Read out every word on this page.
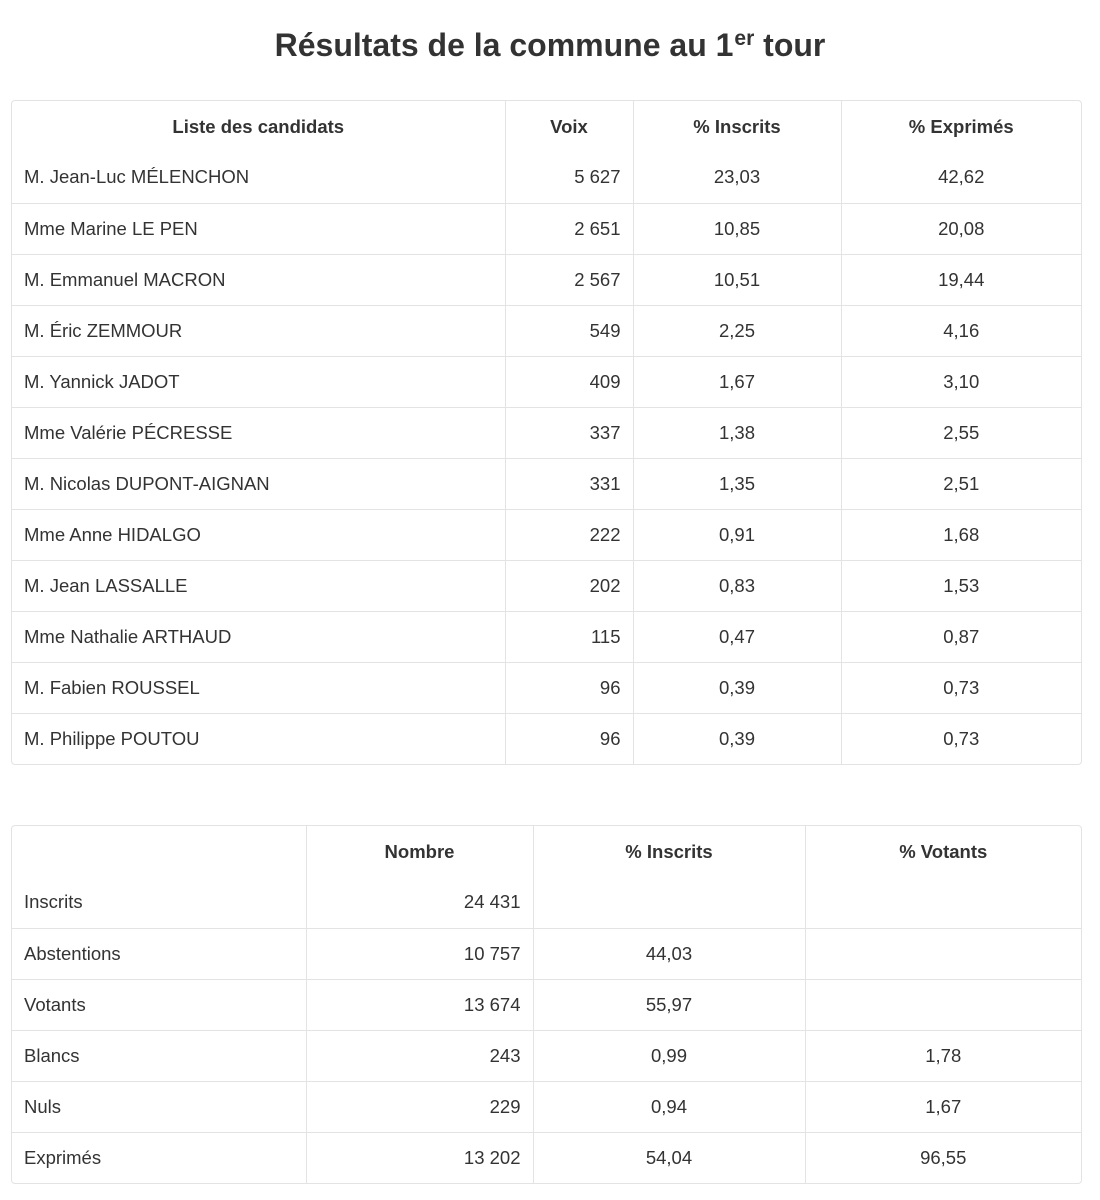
Résultats de la commune au 1er tour
Liste des candidats	Voix	% Inscrits	% Exprimés
M. Jean-Luc MÉLENCHON	5 627	23,03	42,62
Mme Marine LE PEN	2 651	10,85	20,08
M. Emmanuel MACRON	2 567	10,51	19,44
M. Éric ZEMMOUR	549	2,25	4,16
M. Yannick JADOT	409	1,67	3,10
Mme Valérie PÉCRESSE	337	1,38	2,55
M. Nicolas DUPONT-AIGNAN	331	1,35	2,51
Mme Anne HIDALGO	222	0,91	1,68
M. Jean LASSALLE	202	0,83	1,53
Mme Nathalie ARTHAUD	115	0,47	0,87
M. Fabien ROUSSEL	96	0,39	0,73
M. Philippe POUTOU	96	0,39	0,73
	Nombre	% Inscrits	% Votants
Inscrits	24 431		
Abstentions	10 757	44,03	
Votants	13 674	55,97	
Blancs	243	0,99	1,78
Nuls	229	0,94	1,67
Exprimés	13 202	54,04	96,55
